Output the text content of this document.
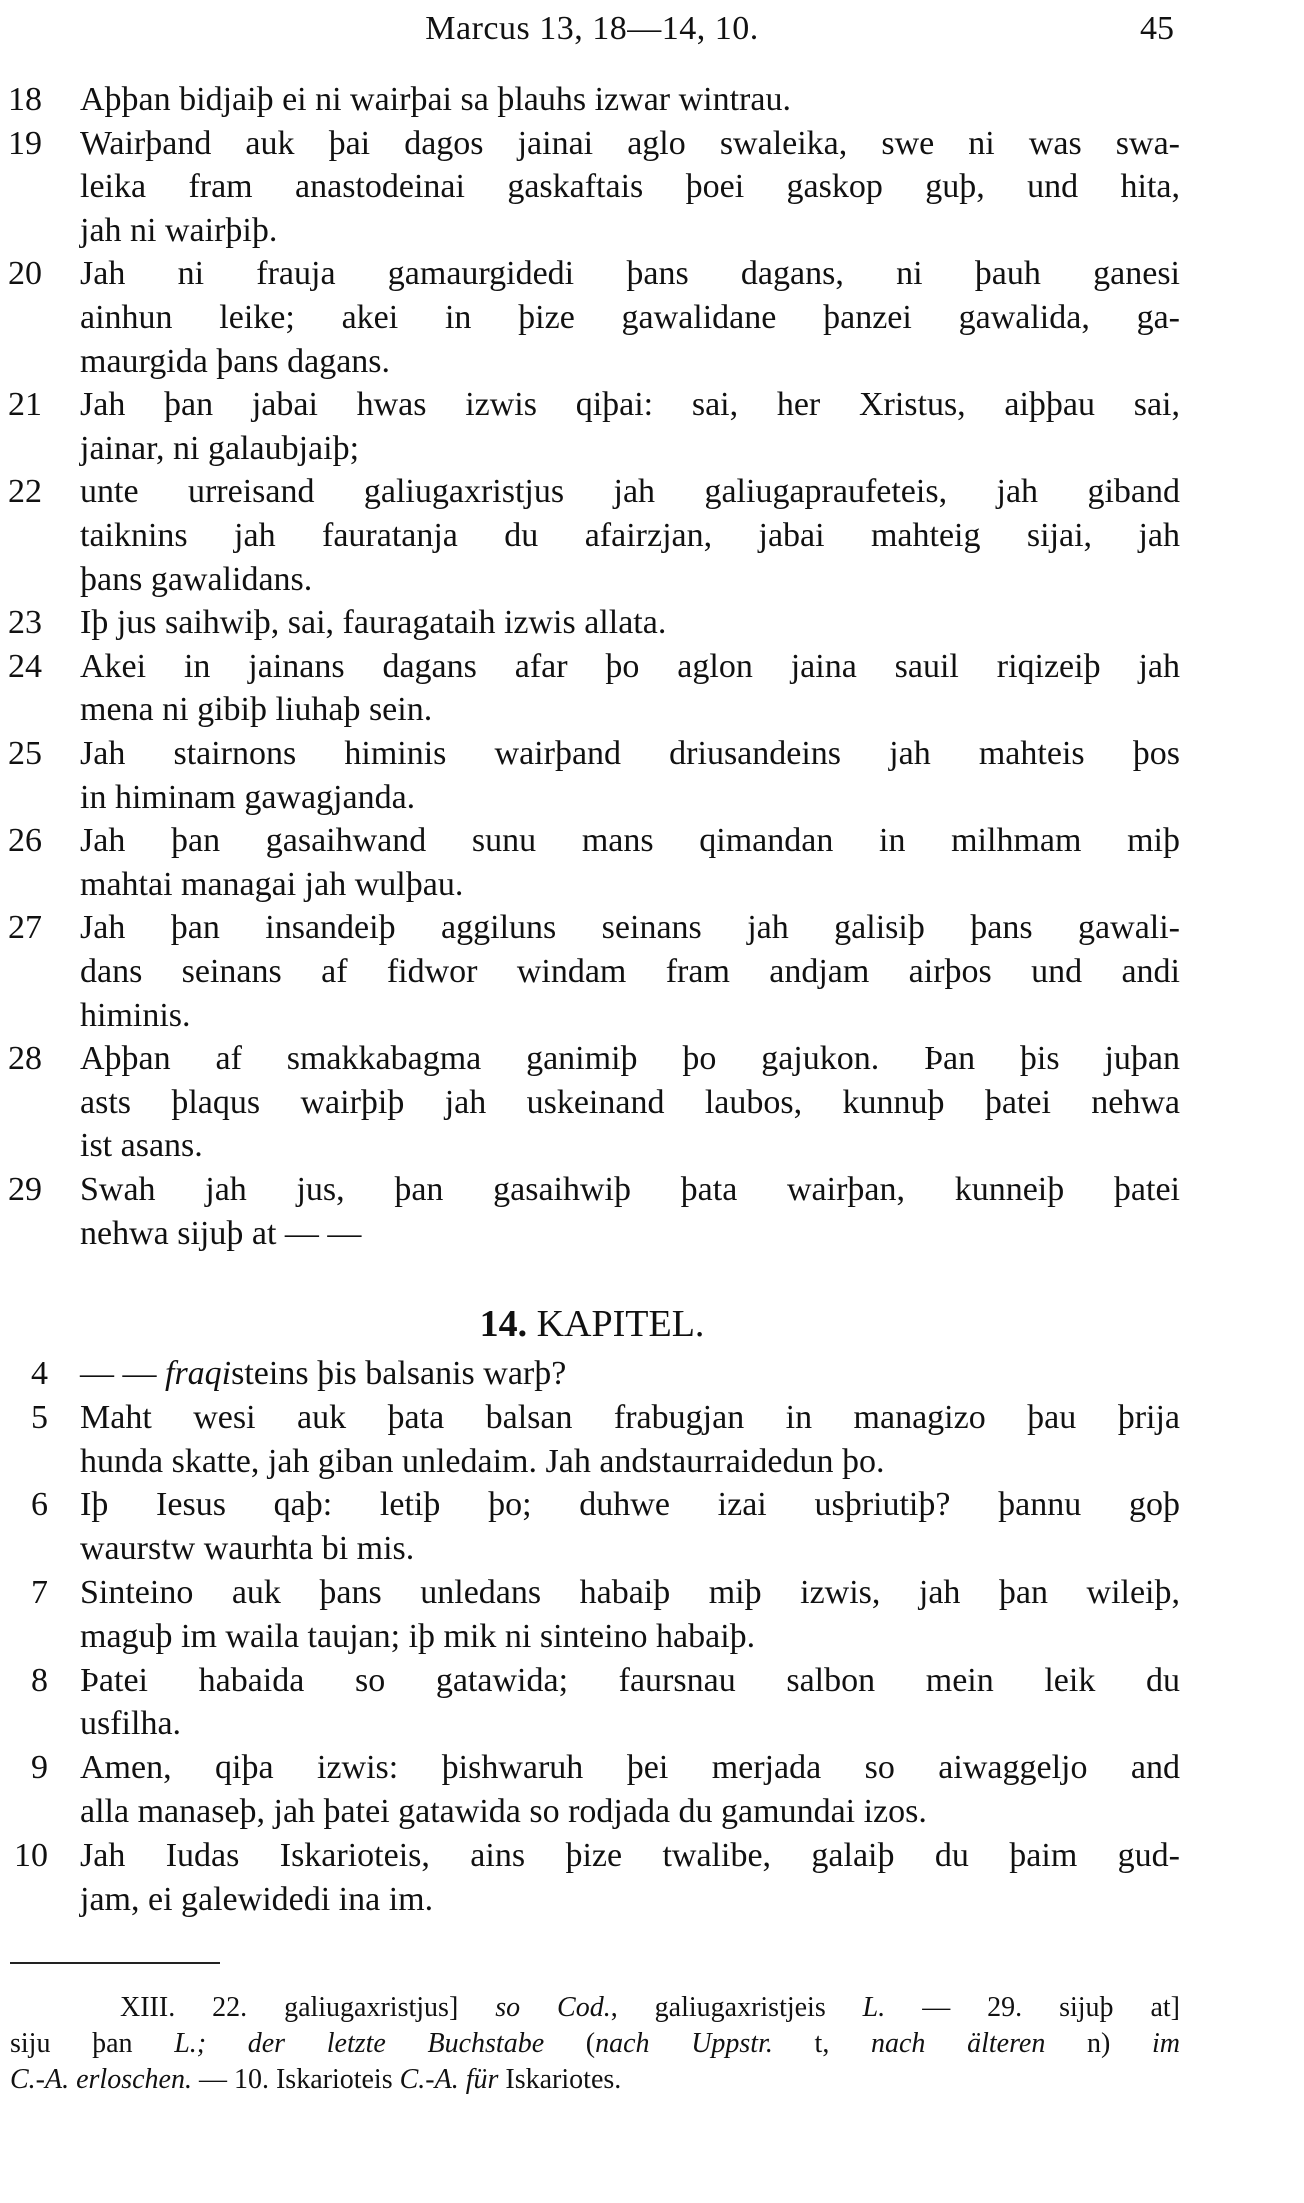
Marcus 13, 18—14, 10.	45
18	Aþþan bidjaiþ ei ni wairþai sa þlauhs izwar wintrau.
19	Wairþand auk þai dagos jainai aglo swaleika, swe ni was swa-
leika fram anastodeinai gaskaftais þoei gaskop guþ, und hita,
jah ni wairþiþ.
20	Jah ni frauja gamaurgidedi þans dagans, ni þauh ganesi
ainhun leike; akei in þize gawalidane þanzei gawalida, ga-
maurgida þans dagans.
21	Jah þan jabai hwas izwis qiþai: sai, her Xristus, aiþþau sai,
jainar, ni galaubjaiþ;
22	unte urreisand galiugaxristjus jah galiugapraufeteis, jah giband
taiknins jah fauratanja du afairzjan, jabai mahteig sijai, jah
þans gawalidans.
23	Iþ jus saihwiþ, sai, fauragataih izwis allata.
24	Akei in jainans dagans afar þo aglon jaina sauil riqizeiþ jah
mena ni gibiþ liuhaþ sein.
25	Jah stairnons himinis wairþand driusandeins jah mahteis þos
in himinam gawagjanda.
26	Jah þan gasaihwand sunu mans qimandan in milhmam miþ
mahtai managai jah wulþau.
27	Jah þan insandeiþ aggiluns seinans jah galisiþ þans gawali-
dans seinans af fidwor windam fram andjam airþos und andi
himinis.
28	Aþþan af smakkabagma ganimiþ þo gajukon. Þan þis juþan
asts þlaqus wairþiþ jah uskeinand laubos, kunnuþ þatei nehwa
ist asans.
29	Swah jah jus, þan gasaihwiþ þata wairþan, kunneiþ þatei
nehwa sijuþ at — —
14. KAPITEL.
4 — — fraqisteins þis balsanis warþ?
5 Maht wesi auk þata balsan frabugjan in managizo þau þrija
hunda skatte, jah giban unledaim. Jah andstaurraidedun þo.
6 Iþ Iesus qaþ: letiþ þo; duhwe izai usþriutiþ? þannu goþ
waurstw waurhta bi mis.
7 Sinteino auk þans unledans habaiþ miþ izwis, jah þan wileiþ,
maguþ im waila taujan; iþ mik ni sinteino habaiþ.
8 Þatei habaida so gatawida; faursnau salbon mein leik du
usfilha.
9 Amen, qiþa izwis: þishwaruh þei merjada so aiwaggeljo and
alla manaseþ, jah þatei gatawida so rodjada du gamundai izos.
10 Jah Iudas Iskarioteis, ains þize twalibe, galaiþ du þaim gud-
jam, ei galewidedi ina im.
XIII. 22. galiugaxristjus] so Cod., galiugaxristjeis L. — 29. sijuþ at]
siju þan L.; der letzte Buchstabe (nach Uppstr. t, nach älteren n) im
C.-A. erloschen. — 10. Iskarioteis C.-A. für Iskariotes.
